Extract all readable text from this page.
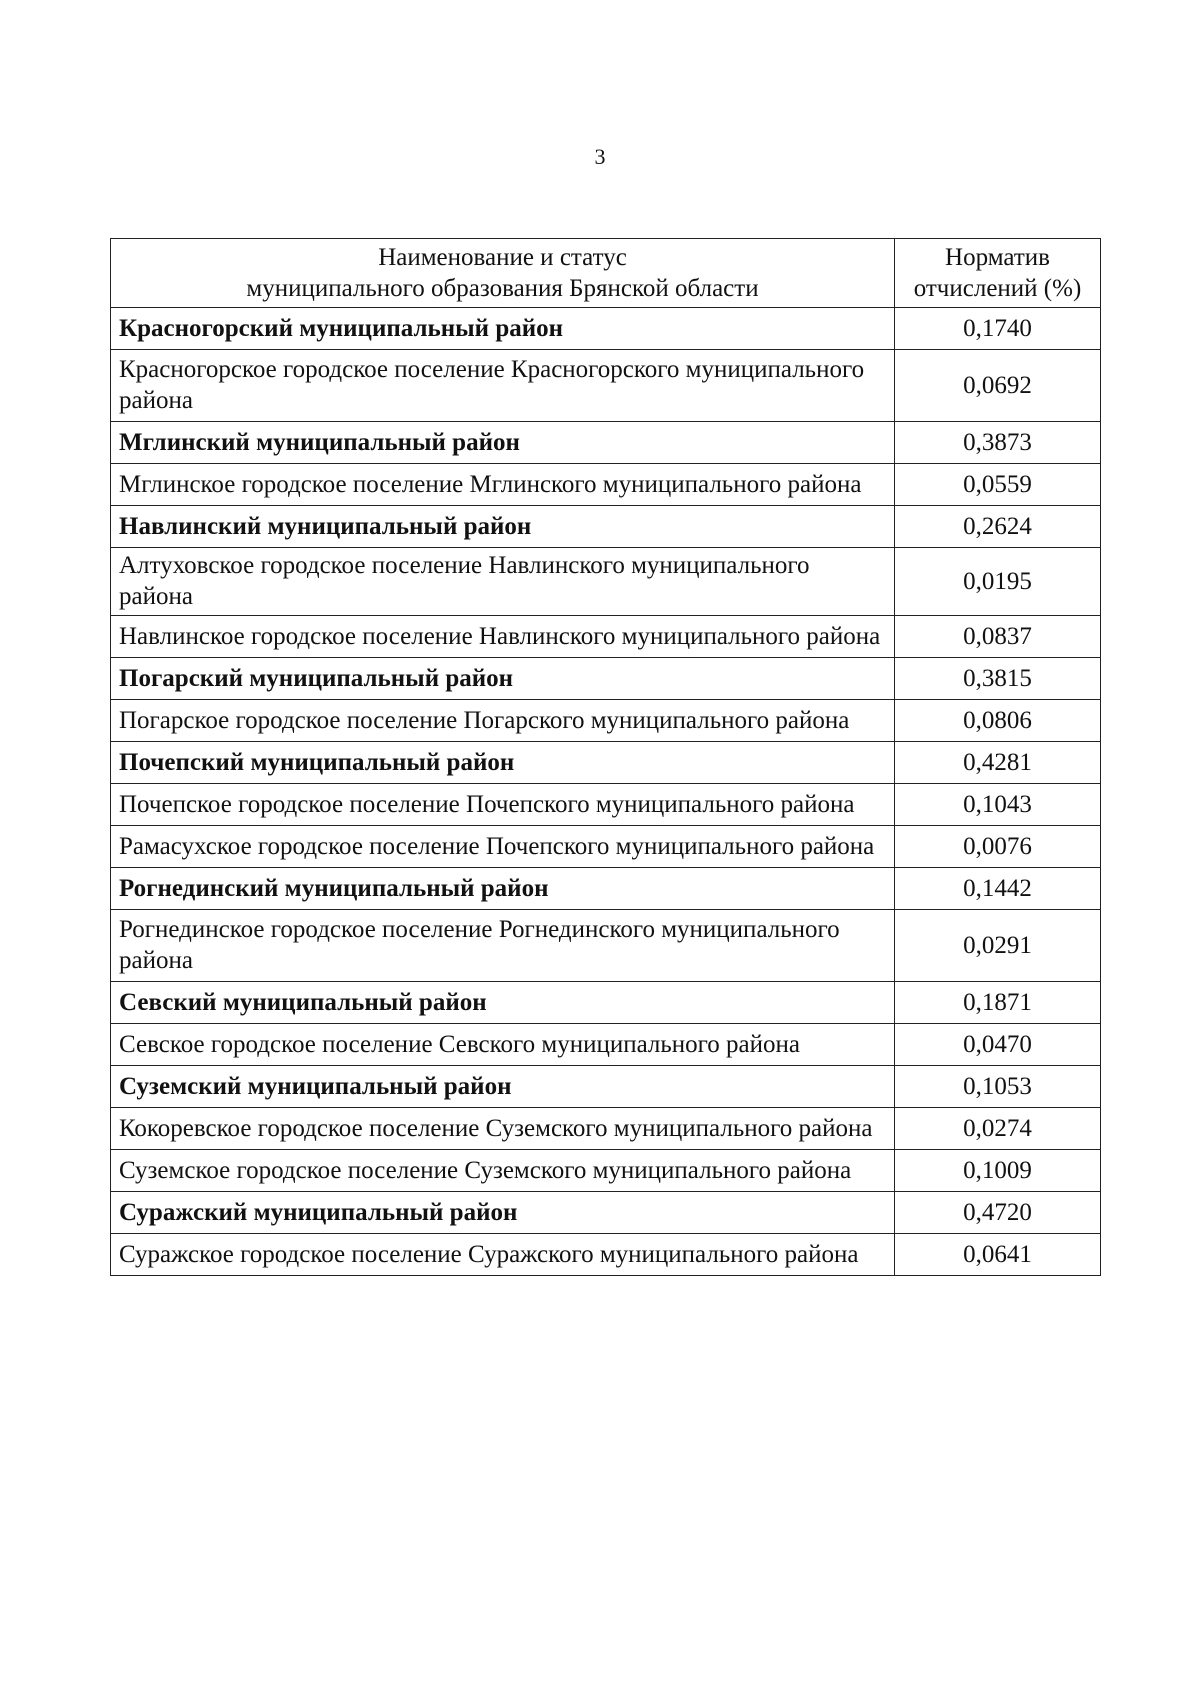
3
Наименование и статус
муниципального образования Брянской области	Норматив
отчислений (%)

Красногорский муниципальный район	0,1740
Красногорское городское поселение Красногорского муниципального района	0,0692
Мглинский муниципальный район	0,3873
Мглинское городское поселение Мглинского муниципального района	0,0559
Навлинский муниципальный район	0,2624
Алтуховское городское поселение Навлинского муниципального района	0,0195
Навлинское городское поселение Навлинского муниципального района	0,0837
Погарский муниципальный район	0,3815
Погарское городское поселение Погарского муниципального района	0,0806
Почепский муниципальный район	0,4281
Почепское городское поселение Почепского муниципального района	0,1043
Рамасухское городское поселение Почепского муниципального района	0,0076
Рогнединский муниципальный район	0,1442
Рогнединское городское поселение Рогнединского муниципального района	0,0291
Севский муниципальный район	0,1871
Севское городское поселение Севского муниципального района	0,0470
Суземский муниципальный район	0,1053
Кокоревское городское поселение Суземского муниципального района	0,0274
Суземское городское поселение Суземского муниципального района	0,1009
Суражский муниципальный район	0,4720
Суражское городское поселение Суражского муниципального района	0,0641
